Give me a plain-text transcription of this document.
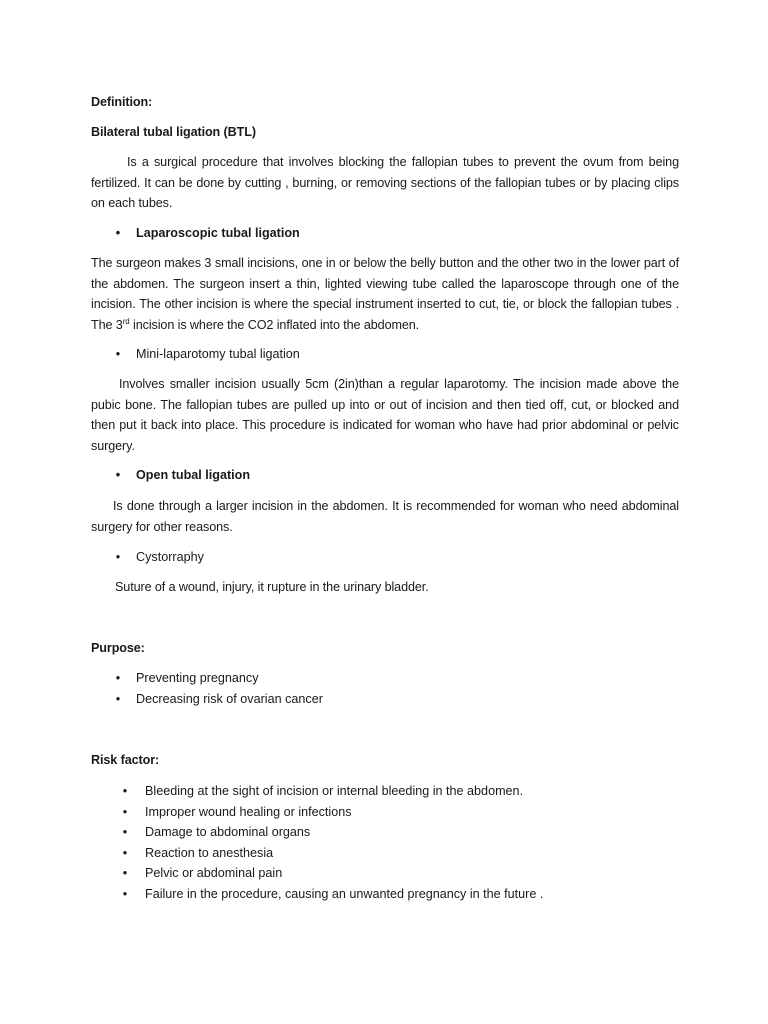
Definition:
Bilateral tubal ligation (BTL)

Is a surgical procedure that involves blocking the fallopian tubes to prevent the ovum from being fertilized. It can be done by cutting , burning, or removing sections of the fallopian tubes or by placing clips on each tubes.

• Laparoscopic tubal ligation

The surgeon makes 3 small incisions, one in or below the belly button and the other two in the lower part of the abdomen. The surgeon insert a thin, lighted viewing tube called the laparoscope through one of the incision. The other incision is where the special instrument inserted to cut, tie, or block the fallopian tubes . The 3rd incision is where the CO2 inflated into the abdomen.

• Mini-laparotomy tubal ligation

Involves smaller incision usually 5cm (2in)than a regular laparotomy. The incision made above the pubic bone. The fallopian tubes are pulled up into or out of incision and then tied off, cut, or blocked and then put it back into place. This procedure is indicated for woman who have had prior abdominal or pelvic surgery.

• Open tubal ligation

Is done through a larger incision in the abdomen. It is recommended for woman who need abdominal surgery for other reasons.

• Cystorraphy
Suture of a wound, injury, it rupture in the urinary bladder.
Purpose:
• Preventing pregnancy
• Decreasing risk of ovarian cancer
Risk factor:
• Bleeding at the sight of incision or internal bleeding in the abdomen.
• Improper wound healing or infections
• Damage to abdominal organs
• Reaction to anesthesia
• Pelvic or abdominal pain
• Failure in the procedure, causing an unwanted pregnancy in the future .
